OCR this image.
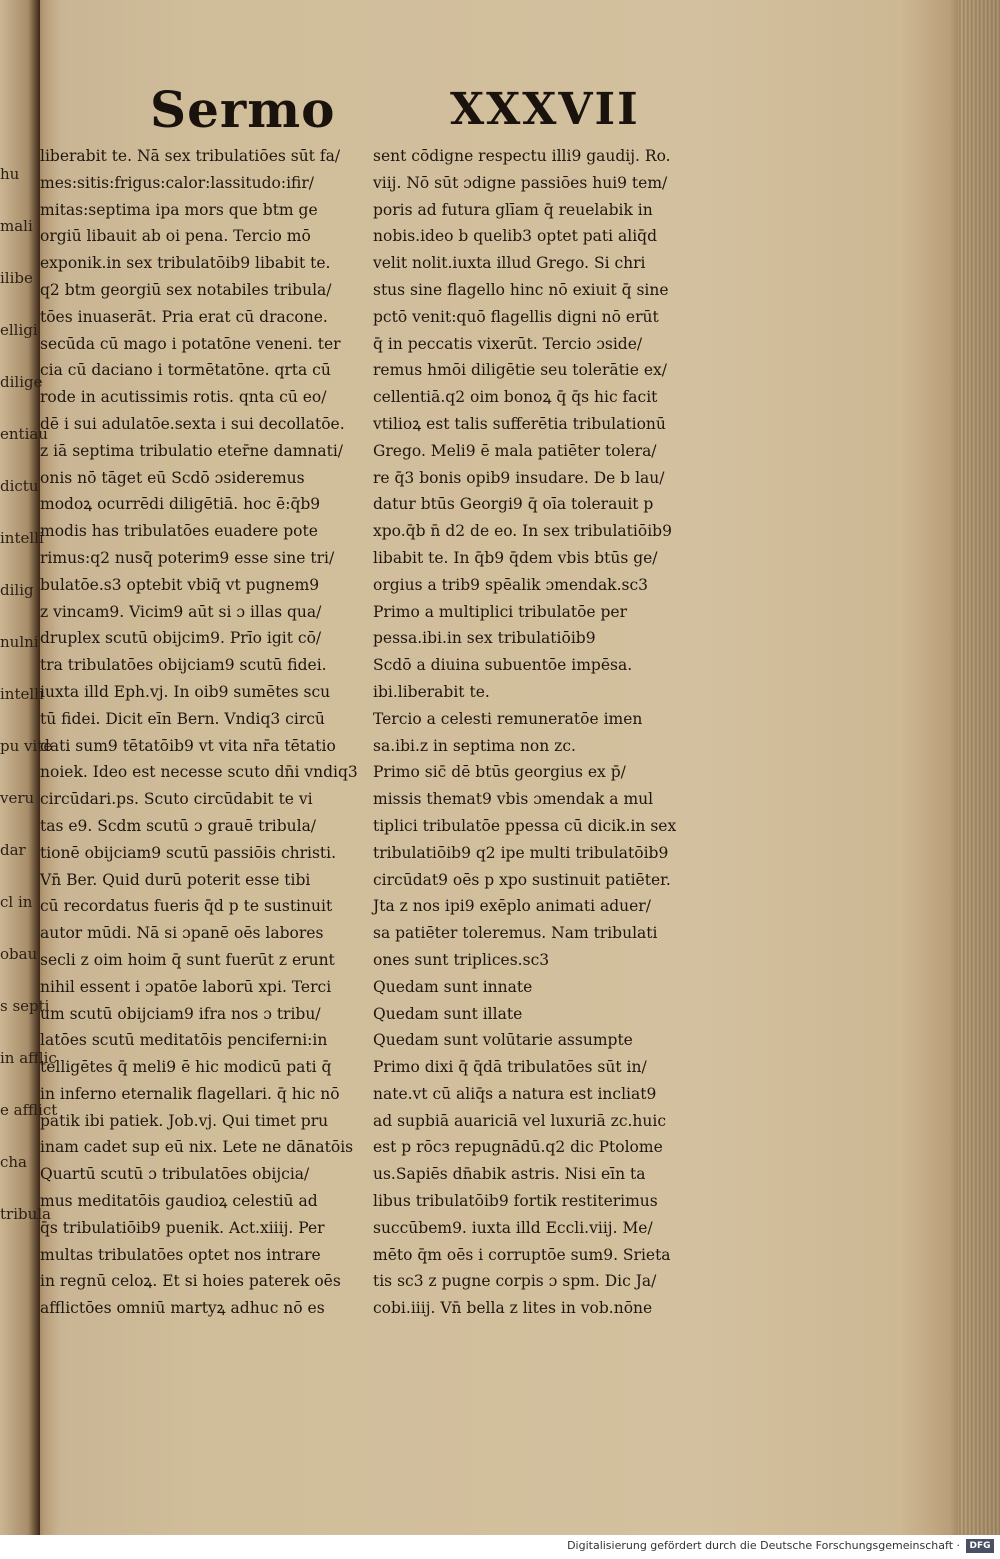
hu
mali
ilibe
elligi
dilige
entiau
dictu
intelli
dilig
nulni
intelli
pu vite
veru
dar
cl in
obau
s septi
in afflic
e afflict
cha
tribula
Sermo	XXXVII
liberabit te. Nā sex tribulatiōes sūt fa/
mes:sitis:frigus:calor:lassitudo:ifir/
mitas:septima ipa mors que btm ge
orgiū libauit ab oi pena. Tercio mō
exponik.in sex tribulatōib9 libabit te.
q2 btm georgiū sex notabiles tribula/
tōes inuaserāt. Pria erat cū dracone.
secūda cū mago i potatōne veneni. ter
cia cū daciano i tormētatōne. qrta cū
rode in acutissimis rotis. qnta cū eo/
dē i sui adulatōe.sexta i sui decollatōe.
z iā septima tribulatio eter̄ne damnati/
onis nō tāget eū Scdō ɔsideremus
modoꝝ ocurrēdi diligētiā. hoc ē:q̄b9
modis has tribulatōes euadere pote
rimus:q2 nusq̄ poterim9 esse sine tri/
bulatōe.s3 optebit vbiq̄ vt pugnem9
z vincam9. Vicim9 aūt si ɔ illas qua/
druplex scutū obijcim9. Prīo igit cō/
tra tribulatōes obijciam9 scutū fidei.
iuxta illd Eph.vj. In oib9 sumētes scu
tū fidei. Dicit eīn Bern. Vndiq3 circū
dati sum9 tētatōib9 vt vita nr̄a tētatio
noiek. Ideo est necesse scuto dn̄i vndiq3
circūdari.ps. Scuto circūdabit te vi
tas e9. Scdm scutū ɔ grauē tribula/
tionē obijciam9 scutū passiōis christi.
Vn̄ Ber. Quid durū poterit esse tibi
cū recordatus fueris q̄d p te sustinuit
autor mūdi. Nā si ɔpanē oēs labores
secli z oim hoim q̄ sunt fuerūt z erunt
nihil essent i ɔpatōe laborū xpi. Terci
um scutū obijciam9 ifra nos ɔ tribu/
latōes scutū meditatōis penciferni:in
telligētes q̄ meli9 ē hic modicū pati q̄
in inferno eternalik flagellari. q̄ hic nō
patik ibi patiek. Job.vj. Qui timet pru
inam cadet sup eū nix. Lete ne dānatōis
Quartū scutū ɔ tribulatōes obijcia/
mus meditatōis gaudioꝝ celestiū ad
q̄s tribulatiōib9 puenik. Act.xiiij. Per
multas tribulatōes optet nos intrare
in regnū celoꝝ. Et si hoies paterek oēs
afflictōes omniū martyꝝ adhuc nō es
sent cōdigne respectu illi9 gaudij. Ro.
viij. Nō sūt ɔdigne passiōes hui9 tem/
poris ad futura glīam q̄ reuelabik in
nobis.ideo b quelib3 optet pati aliq̄d
velit nolit.iuxta illud Grego. Si chri
stus sine flagello hinc nō exiuit q̄ sine
pctō venit:quō flagellis digni nō erūt
q̄ in peccatis vixerūt. Tercio ɔside/
remus hmōi diligētie seu tolerātie ex/
cellentiā.q2 oim bonoꝝ q̄ q̄s hic facit
vtilioꝝ est talis sufferētia tribulationū
Grego. Meli9 ē mala patiēter tolera/
re q̄3 bonis opib9 insudare. De b lau/
datur btūs Georgi9 q̄ oīa tolerauit p
xpo.q̄b n̄ d2 de eo. In sex tribulatiōib9
libabit te. In q̄b9 q̄dem vbis btūs ge/
orgius a trib9 spēalik ɔmendak.sc3
Primo a multiplici tribulatōe per
pessa.ibi.in sex tribulatiōib9
Scdō a diuina subuentōe impēsa.
ibi.liberabit te.
Tercio a celesti remuneratōe imen
sa.ibi.z in septima non zc.
Primo sic̄ dē btūs georgius ex p̄/
missis themat9 vbis ɔmendak a mul
tiplici tribulatōe ppessa cū dicik.in sex
tribulatiōib9 q2 ipe multi tribulatōib9
circūdat9 oēs p xpo sustinuit patiēter.
Jta z nos ipi9 exēplo animati aduer/
sa patiēter toleremus. Nam tribulati
ones sunt triplices.sc3
Quedam sunt innate
Quedam sunt illate
Quedam sunt volūtarie assumpte
Primo dixi q̄ q̄dā tribulatōes sūt in/
nate.vt cū aliq̄s a natura est incliat9
ad supbiā auariciā vel luxuriā zc.huic
est p rōcз repugnādū.q2 dic Ptolome
us.Sapiēs dn̄abik astris. Nisi eīn ta
libus tribulatōib9 fortik restiterimus
succūbem9. iuxta illd Eccli.viij. Me/
mēto q̄m oēs i corruptōe sum9. Srieta
tis sc3 z pugne corpis ɔ spm. Dic Ja/
cobi.iiij. Vn̄ bella z lites in vob.nōne
Digitalisierung gefördert durch die Deutsche Forschungsgemeinschaft ·	DFG
